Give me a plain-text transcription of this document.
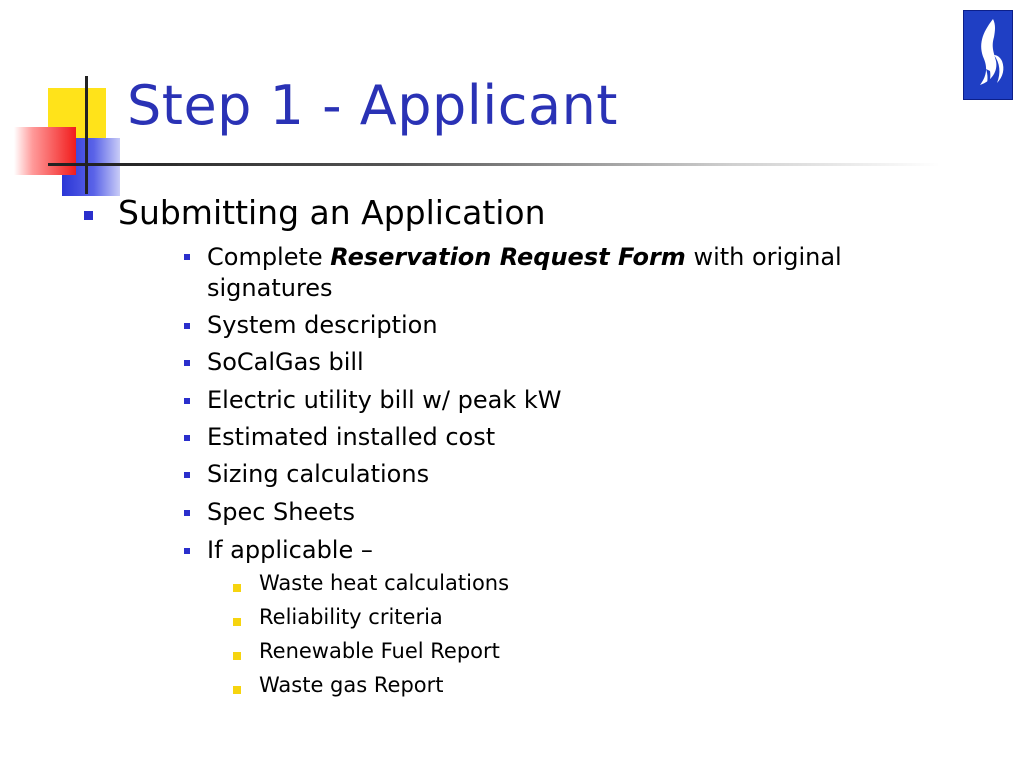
Step 1 - Applicant
Submitting an Application
Complete Reservation Request Form with original
signatures
System description
SoCalGas bill
Electric utility bill w/ peak kW
Estimated installed cost
Sizing calculations
Spec Sheets
If applicable –
Waste heat calculations
Reliability criteria
Renewable Fuel Report
Waste gas Report
